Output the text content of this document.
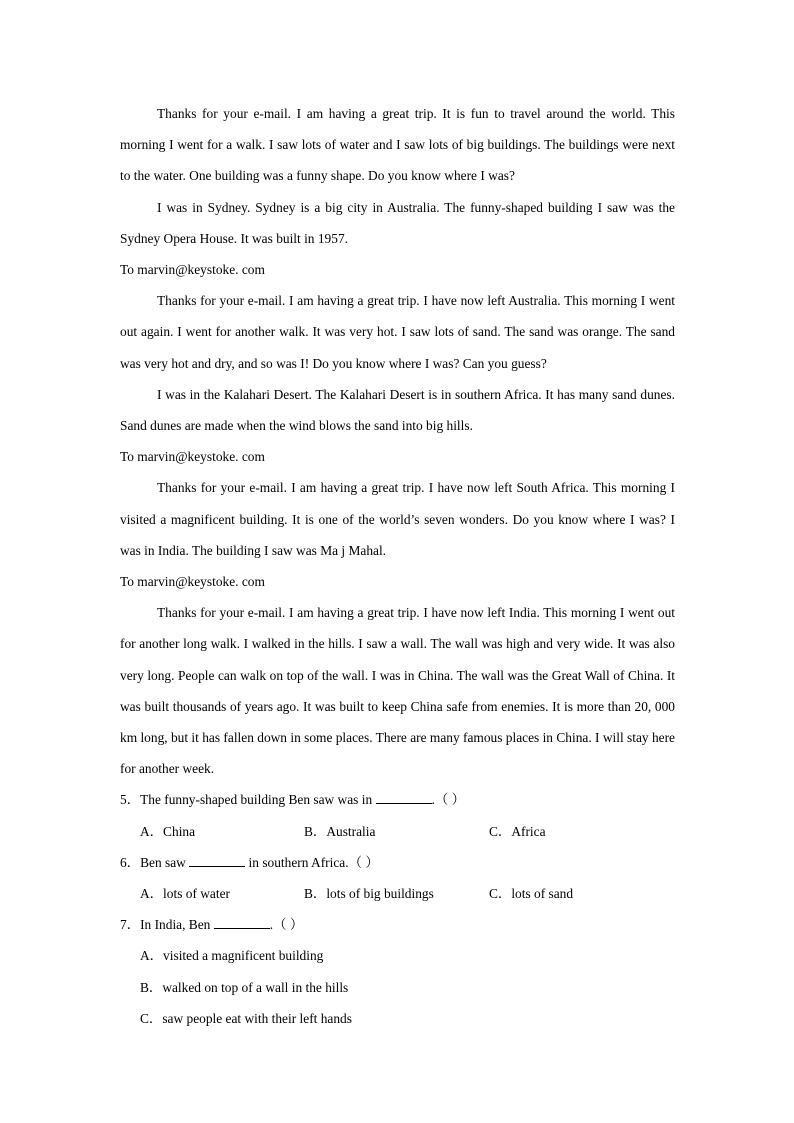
Thanks for your e-mail. I am having a great trip. It is fun to travel around the world. This morning I went for a walk. I saw lots of water and I saw lots of big buildings. The buildings were next to the water. One building was a funny shape. Do you know where I was?

I was in Sydney. Sydney is a big city in Australia. The funny-shaped building I saw was the Sydney Opera House. It was built in 1957.

To marvin@keystoke. com

Thanks for your e-mail. I am having a great trip. I have now left Australia. This morning I went out again. I went for another walk. It was very hot. I saw lots of sand. The sand was orange. The sand was very hot and dry, and so was I! Do you know where I was? Can you guess?

I was in the Kalahari Desert. The Kalahari Desert is in southern Africa. It has many sand dunes. Sand dunes are made when the wind blows the sand into big hills.

To marvin@keystoke. com

Thanks for your e-mail. I am having a great trip. I have now left South Africa. This morning I visited a magnificent building. It is one of the world’s seven wonders. Do you know where I was? I was in India. The building I saw was Ma j Mahal.

To marvin@keystoke. com

Thanks for your e-mail. I am having a great trip. I have now left India. This morning I went out for another long walk. I walked in the hills. I saw a wall. The wall was high and very wide. It was also very long. People can walk on top of the wall. I was in China. The wall was the Great Wall of China. It was built thousands of years ago. It was built to keep China safe from enemies. It is more than 20, 000 km long, but it has fallen down in some places. There are many famous places in China. I will stay here for another week.

5．The funny-shaped building Ben saw was in	.（ ）

A．China	B．Australia	C．Africa

6．Ben saw	in southern Africa.（ ）

A．lots of water	B．lots of big buildings	C．lots of sand

7．In India, Ben	.（ ）

A．visited a magnificent building

B．walked on top of a wall in the hills

C．saw people eat with their left hands
